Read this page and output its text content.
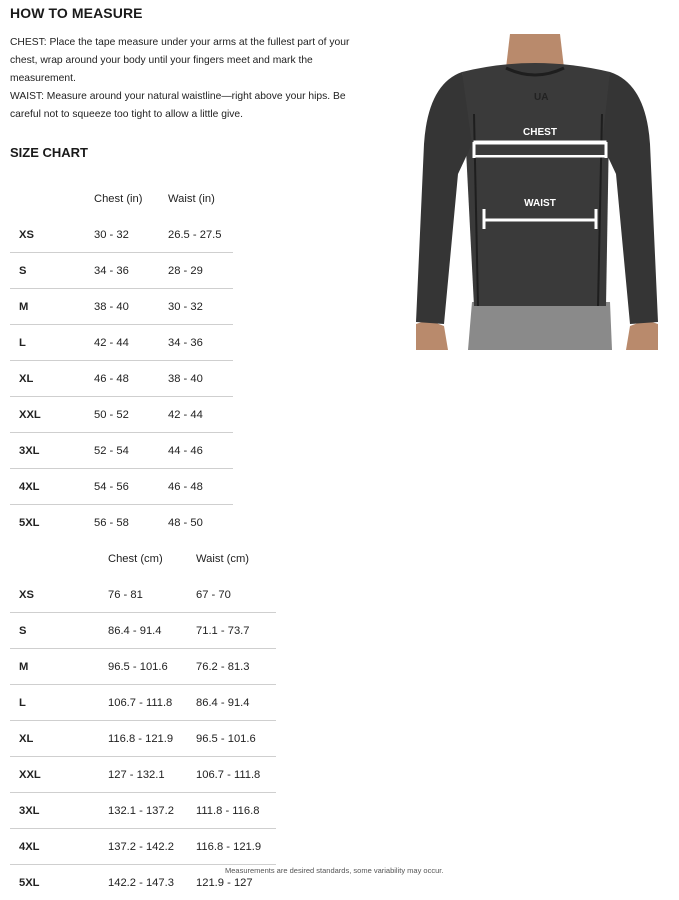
HOW TO MEASURE
CHEST: Place the tape measure under your arms at the fullest part of your
chest, wrap around your body until your fingers meet and mark the
measurement.
WAIST: Measure around your natural waistline—right above your hips. Be
careful not to squeeze too tight to allow a little give.
SIZE CHART
	Chest (in)	Waist (in)
XS	30 - 32	26.5 - 27.5
S	34 - 36	28 - 29
M	38 - 40	30 - 32
L	42 - 44	34 - 36
XL	46 - 48	38 - 40
XXL	50 - 52	42 - 44
3XL	52 - 54	44 - 46
4XL	54 - 56	46 - 48
5XL	56 - 58	48 - 50
	Chest (cm)	Waist (cm)
XS	76 - 81	67 - 70
S	86.4 - 91.4	71.1 - 73.7
M	96.5 - 101.6	76.2 - 81.3
L	106.7 - 111.8	86.4 - 91.4
XL	116.8 - 121.9	96.5 - 101.6
XXL	127 - 132.1	106.7 - 111.8
3XL	132.1 - 137.2	111.8 - 116.8
4XL	137.2 - 142.2	116.8 - 121.9
5XL	142.2 - 147.3	121.9 - 127
UA
CHEST
WAIST
Measurements are desired standards, some variability may occur.
